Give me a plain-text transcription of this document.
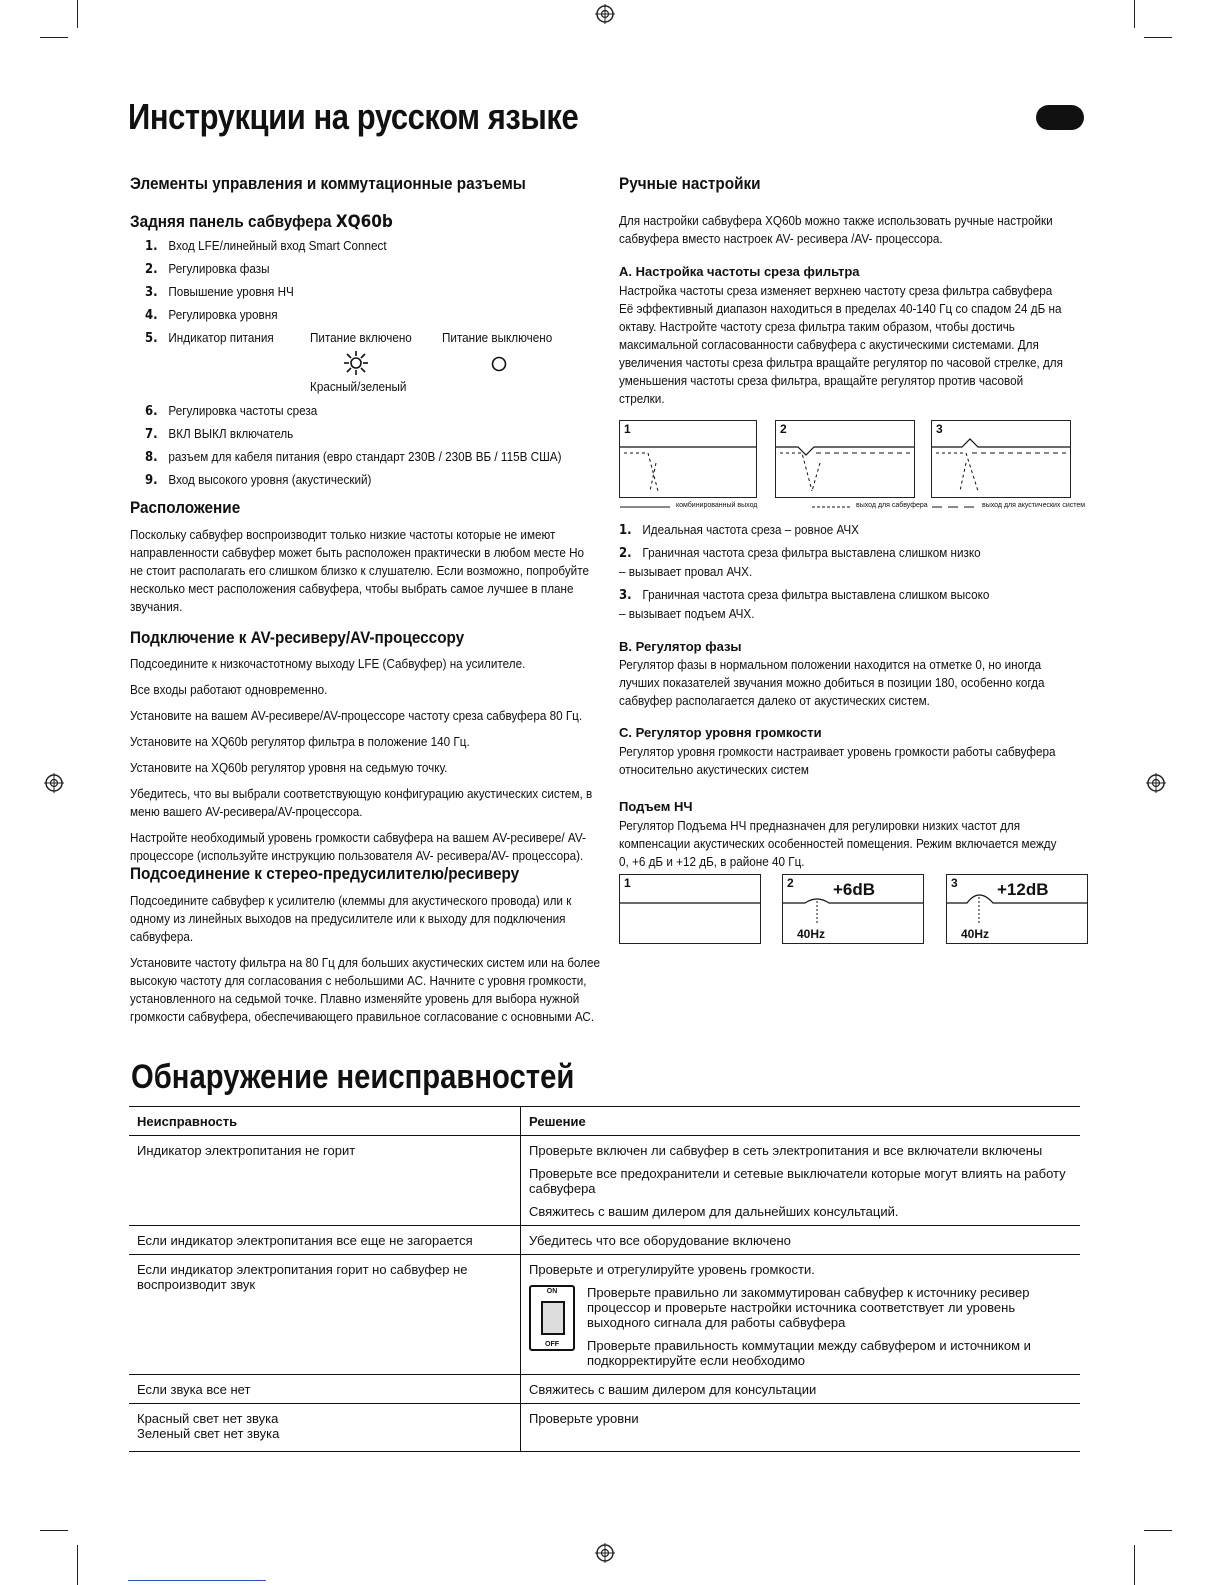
Инструкции на русском языке
Элементы управления и коммутационные разъемы
Задняя панель сабвуфера XQ60b
1. Вход LFE/линейный вход Smart Connect
2. Регулировка фазы
3. Повышение уровня НЧ
4. Регулировка уровня
5. Индикатор питания	Питание включено Питание выключено
Красный/зеленый
6. Регулировка частоты среза
7. ВКЛ ВЫКЛ включатель
8. разъем для кабеля питания (евро стандарт 230В / 230В ВБ / 115В США)
9. Вход высокого уровня (акустический)
Расположение
Поскольку сабвуфер воспроизводит только низкие частоты которые не имеют направленности сабвуфер может быть расположен практически в любом месте Но не стоит располагать его слишком близко к слушателю. Если возможно, попробуйте несколько мест расположения сабвуфера, чтобы выбрать самое лучшее в плане звучания.
Подключение к AV-ресиверу/AV-процессору

Подсоедините к низкочастотному выходу LFE (Сабвуфер) на усилителе.

Все входы работают одновременно.

Установите на вашем AV-ресивере/AV-процессоре частоту среза сабвуфера 80 Гц.

Установите на XQ60b регулятор фильтра в положение 140 Гц.

Установите на XQ60b регулятор уровня на седьмую точку.

Убедитесь, что вы выбрали соответствующую конфигурацию акустических систем, в меню вашего AV-ресивера/AV-процессора.

Настройте необходимый уровень громкости сабвуфера на вашем AV-ресивере/ AV-процессоре (используйте инструкцию пользователя AV- ресивера/AV- процессора).

Подсоединение к стерео-предусилителю/ресиверу

Подсоедините сабвуфер к усилителю (клеммы для акустического провода) или к одному из линейных выходов на предусилителе или к выходу для подключения сабвуфера.

Установите частоту фильтра на 80 Гц для больших акустических систем или на более высокую частоту для согласования с небольшими АС. Начните с уровня громкости, установленного на седьмой точке. Плавно изменяйте уровень для выбора нужной громкости сабвуфера, обеспечивающего правильное согласование с основными АС.

Ручные настройки
Для настройки сабвуфера XQ60b можно также использовать ручные настройки сабвуфера вместо настроек AV- ресивера /AV- процессора.
A. Настройка частоты среза фильтра
Настройка частоты среза изменяет верхнею частоту среза фильтра сабвуфера Её эффективный диапазон находиться в пределах 40-140 Гц со спадом 24 дБ на октаву. Настройте частоту среза фильтра таким образом, чтобы достичь максимальной согласованности сабвуфера с акустическими системами. Для увеличения частоты среза фильтра вращайте регулятор по часовой стрелке, для уменьшения частоты среза фильтра, вращайте регулятор против часовой стрелки.
1	2	3
комбинированный выход	выход для сабвуфера	выход для акустических систем
1. Идеальная частота среза – ровное АЧХ
2. Граничная частота среза фильтра выставлена слишком низко
– вызывает провал АЧХ.
3. Граничная частота среза фильтра выставлена слишком высоко
– вызывает подъем АЧХ.
B. Регулятор фазы
Регулятор фазы в нормальном положении находится на отметке 0, но иногда лучших показателей звучания можно добиться в позиции 180, особенно когда сабвуфер располагается далеко от акустических систем.
C. Регулятор уровня громкости
Регулятор уровня громкости настраивает уровень громкости работы сабвуфера относительно акустических систем
Подъем НЧ
Регулятор Подъема НЧ предназначен для регулировки низких частот для компенсации акустических особенностей помещения. Режим включается между 0, +6 дБ и +12 дБ, в районе 40 Гц.
1	2 +6dB
40Hz
3 +12dB
40Hz
Обнаружение неисправностей
Неисправность	Решение
Индикатор электропитания не горит	Проверьте включен ли сабвуфер в сеть электропитания и все включатели включены

Проверьте все предохранители и сетевые выключатели которые могут влиять на работу сабвуфера

Свяжитесь с вашим дилером для дальнейших консультаций.

Если индикатор электропитания все еще не загорается	Убедитесь что все оборудование включено
Если индикатор электропитания горит но сабвуфер не воспроизводит звук	Проверьте и отрегулируйте уровень громкости.

ON
OFF

Проверьте правильно ли закоммутирован сабвуфер к источнику ресивер процессор и проверьте настройки источника соответствует ли уровень выходного сигнала для работы сабвуфера

Проверьте правильность коммутации между сабвуфером и источником и подкорректируйте если необходимо

Если звука все нет	Свяжитесь с вашим дилером для консультации

Красный свет нет звука
Зеленый свет нет звука	Проверьте уровни
